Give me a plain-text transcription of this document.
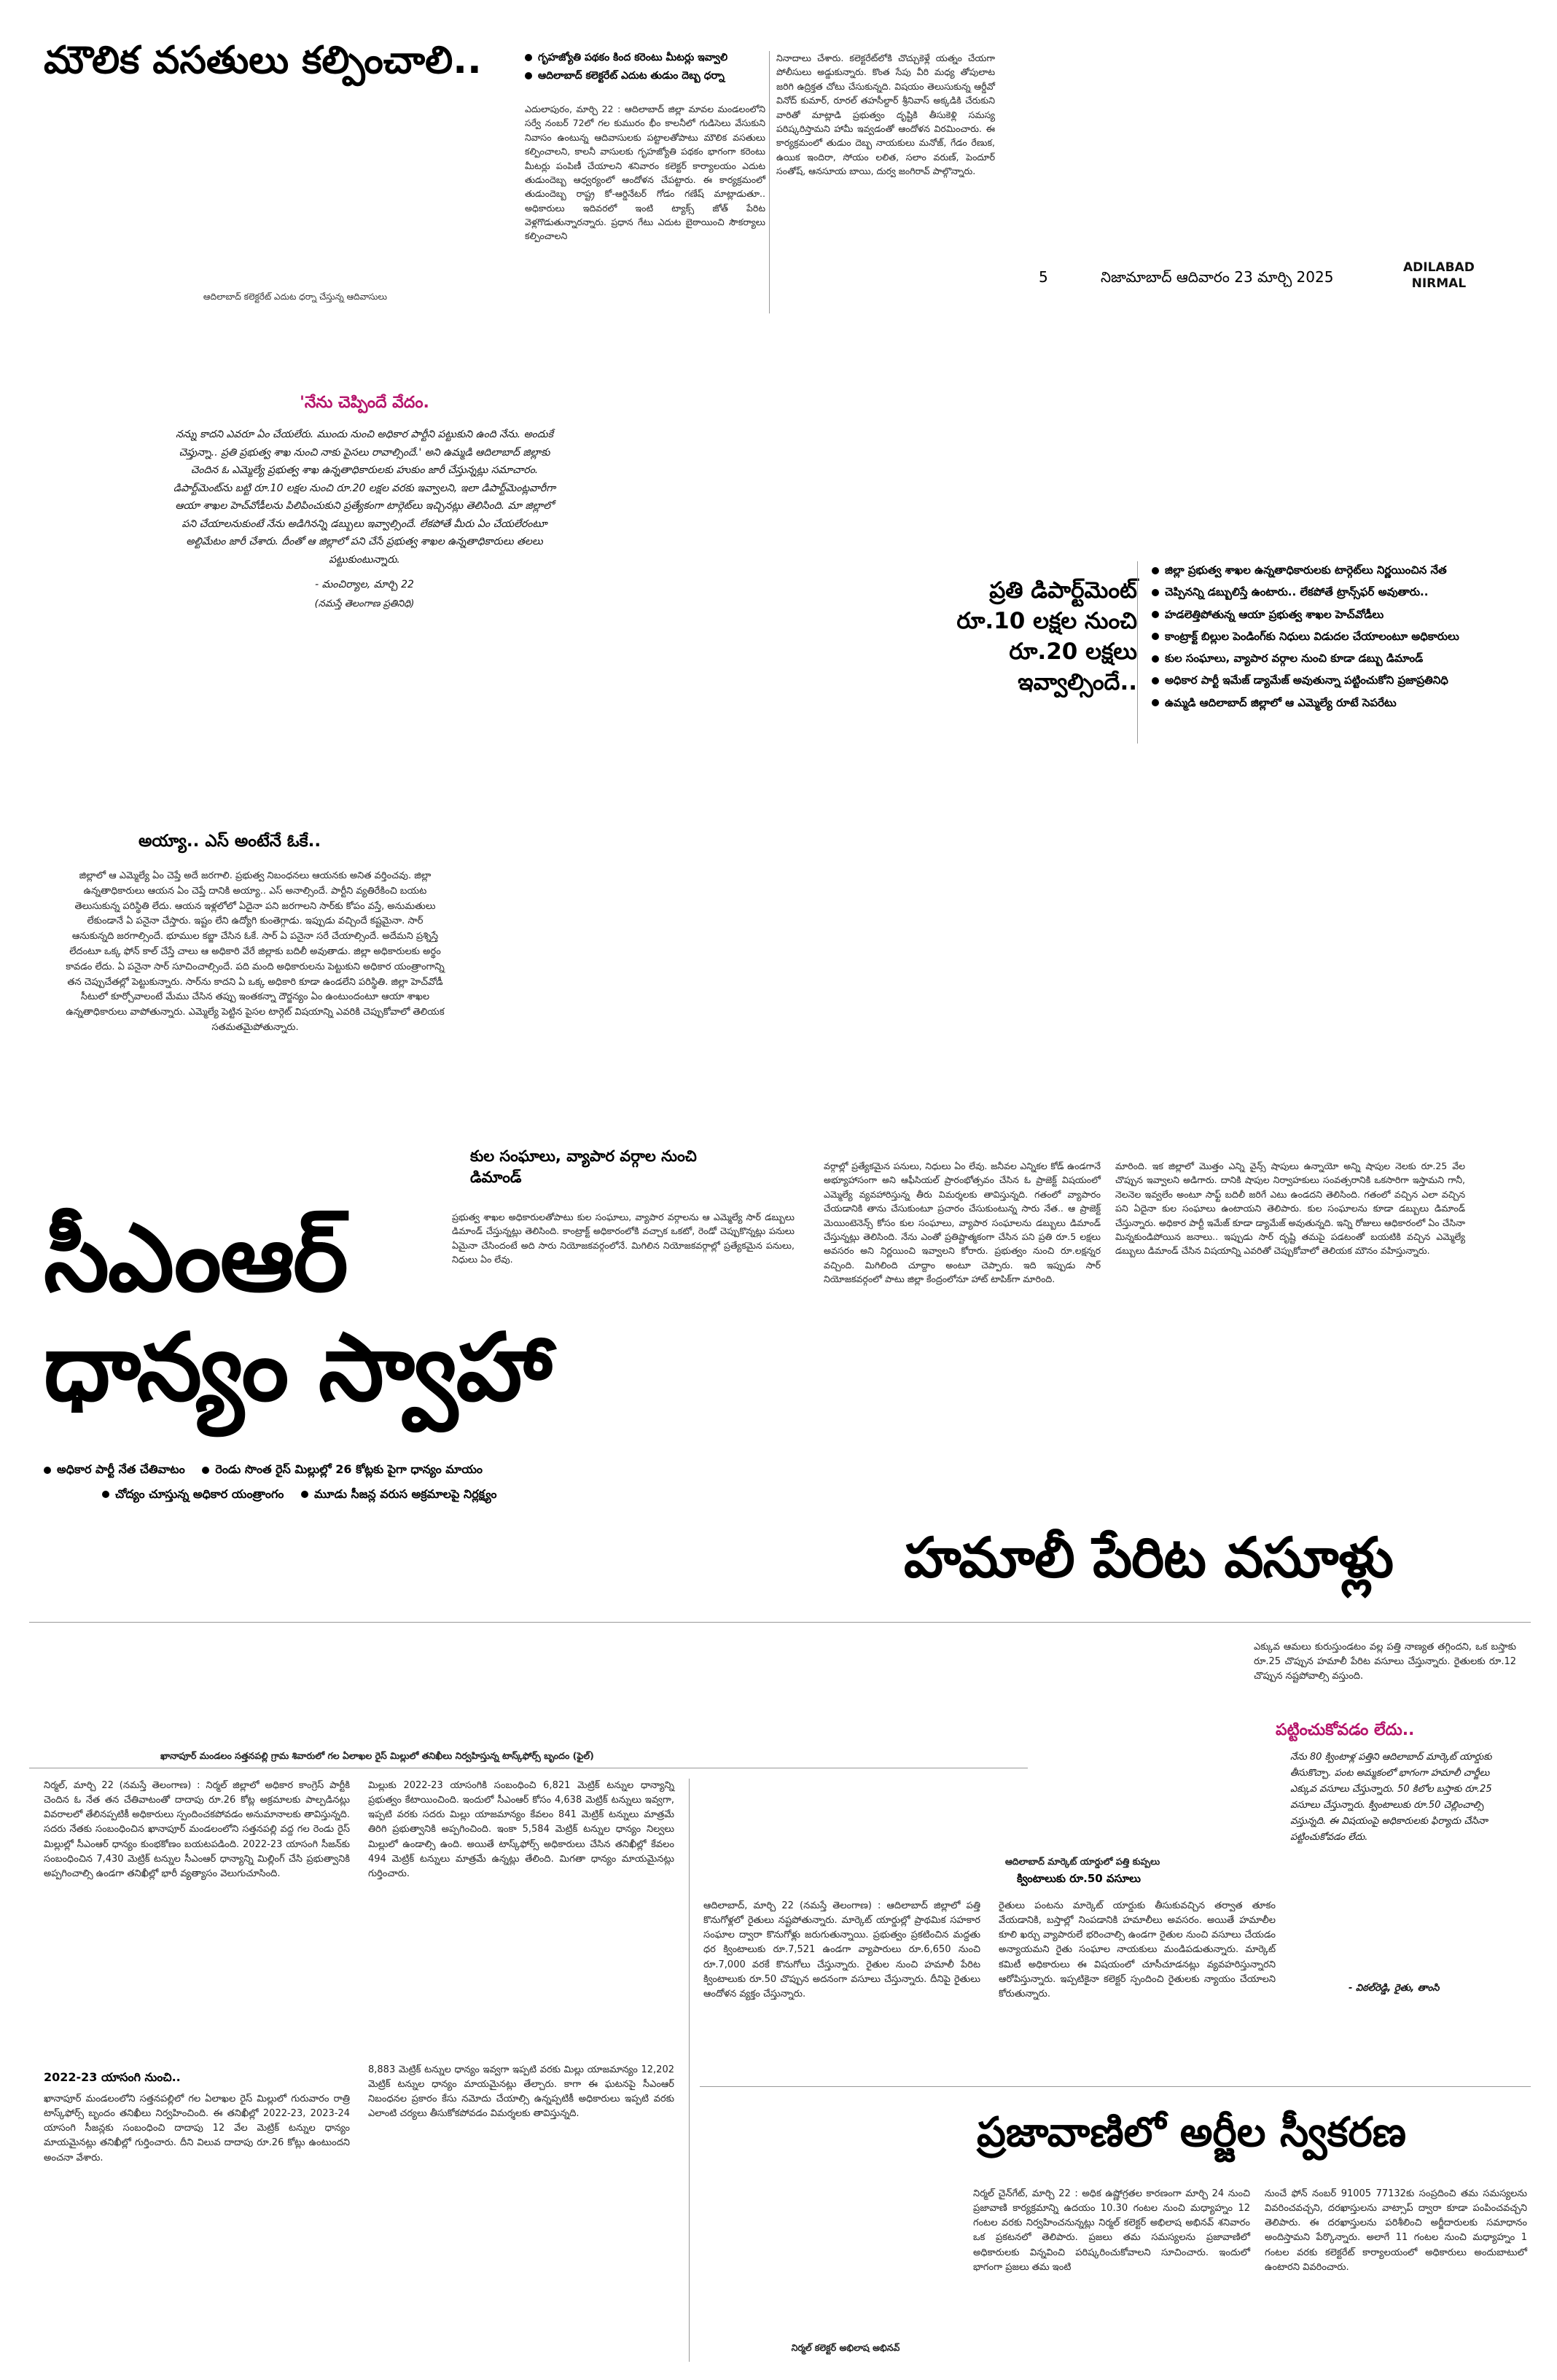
మౌలిక వసతులు కల్పించాలి..
ఆదిలాబాద్ కలెక్టరేట్ ఎదుట ధర్నా చేస్తున్న ఆదివాసులు
గృహజ్యోతి పథకం కింద కరెంటు మీటర్లు ఇవ్వాలి
ఆదిలాబాద్ కలెక్టరేట్ ఎదుట తుడుం దెబ్బ ధర్నా
ఎదులాపురం, మార్చి 22 : ఆదిలాబాద్ జిల్లా మావల మండలంలోని సర్వే నంబర్ 72లో గల కుమురం భీం కాలనీలో గుడిసెలు వేసుకుని నివాసం ఉంటున్న ఆదివాసులకు పట్టాలతోపాటు మౌలిక వసతులు కల్పించాలని, కాలనీ వాసులకు గృహజ్యోతి పథకం భాగంగా కరెంటు మీటర్లు పంపిణీ చేయాలని శనివారం కలెక్టర్ కార్యాలయం ఎదుట తుడుందెబ్బ ఆధ్వర్యంలో ఆందోళన చేపట్టారు. ఈ కార్యక్రమంలో తుడుందెబ్బ రాష్ట్ర కో-ఆర్డినేటర్ గోడం గణేష్ మాట్లాడుతూ.. అధికారులు ఇదివరలో ఇంటి ట్యాక్స్ జోత్ పేరిట వెళ్లగొడుతున్నారన్నారు. ప్రధాన గేటు ఎదుట బైఠాయించి సౌకర్యాలు కల్పించాలని
నినాదాలు చేశారు. కలెక్టరేట్‌లోకి చొచ్చుకెళ్లే యత్నం చేయగా పోలీసులు అడ్డుకున్నారు. కొంత సేపు వీరి మధ్య తోపులాట జరిగి ఉద్రిక్తత చోటు చేసుకున్నది. విషయం తెలుసుకున్న ఆర్డీవో వినోద్ కుమార్, రూరల్ తహసీల్దార్ శ్రీనివాస్ అక్కడికి చేరుకుని వారితో మాట్లాడి ప్రభుత్వం దృష్టికి తీసుకెళ్లి సమస్య పరిష్కరిస్తామని హామీ ఇవ్వడంతో ఆందోళన విరమించారు. ఈ కార్యక్రమంలో తుడుం దెబ్బ నాయకులు మనోజ్, గేడం రేణుక, ఉయిక ఇందిరా, సోయం లలిత, సలాం వరుణ్, పెందూర్ సంతోష్, ఆనసూయ బాయి, దుర్వ జంగిరావ్ పాల్గొన్నారు.
5	నిజామాబాద్ ఆదివారం 23 మార్చి 2025
ADILABAD
NIRMAL
'నేను చెప్పిందే వేదం.
నన్ను కాదని ఎవరూ ఏం చేయలేరు. ముందు నుంచి అధికార పార్టీని పట్టుకుని ఉంది నేను. అందుకే చెప్తున్నా.. ప్రతి ప్రభుత్వ శాఖ నుంచి నాకు పైసలు రావాల్సిందే.' అని ఉమ్మడి ఆదిలాబాద్ జిల్లాకు చెందిన ఓ ఎమ్మెల్యే ప్రభుత్వ శాఖ ఉన్నతాధికారులకు హుకుం జారీ చేస్తున్నట్లు సమాచారం. డిపార్ట్‌మెంట్‌ను బట్టి రూ.10 లక్షల నుంచి రూ.20 లక్షల వరకు ఇవ్వాలని, ఇలా డిపార్ట్‌మెంట్లవారీగా ఆయా శాఖల హెచ్‌వోడీలను పిలిపించుకుని ప్రత్యేకంగా టార్గెట్‌లు ఇచ్చినట్లు తెలిసింది. మా జిల్లాలో పని చేయాలనుకుంటే నేను అడిగినన్ని డబ్బులు ఇవ్వాల్సిందే. లేకపోతే మీరు ఏం చేయలేరంటూ అల్టిమేటం జారీ చేశారు. దీంతో ఆ జిల్లాలో పని చేసే ప్రభుత్వ శాఖల ఉన్నతాధికారులు తలలు పట్టుకుంటున్నారు.
- మంచిర్యాల, మార్చి 22
(నమస్తే తెలంగాణ ప్రతినిధి)
ప్రతి డిపార్ట్‌మెంట్ రూ.10 లక్షల నుంచి రూ.20 లక్షలు ఇవ్వాల్సిందే..
జిల్లా ప్రభుత్వ శాఖల ఉన్నతాధికారులకు టార్గెట్‌లు నిర్ణయించిన నేత
చెప్పినన్ని డబ్బులిస్తే ఉంటారు.. లేకపోతే ట్రాన్స్‌ఫర్ అవుతారు..
హడలెత్తిపోతున్న ఆయా ప్రభుత్వ శాఖల హెచ్‌వోడీలు
కాంట్రాక్ట్ బిల్లుల పెండింగ్‌కు నిధులు విడుదల చేయాలంటూ అధికారులు
కుల సంఘాలు, వ్యాపార వర్గాల నుంచి కూడా డబ్బు డిమాండ్
అధికార పార్టీ ఇమేజ్ డ్యామేజ్ అవుతున్నా పట్టించుకోని ప్రజాప్రతినిధి
ఉమ్మడి ఆదిలాబాద్ జిల్లాలో ఆ ఎమ్మెల్యే రూటే సెపరేటు
అయ్యా.. ఎస్ అంటేనే ఓకే..
జిల్లాలో ఆ ఎమ్మెల్యే ఏం చెప్తే అదే జరగాలి. ప్రభుత్వ నిబంధనలు ఆయనకు అనిత వర్తించవు. జిల్లా ఉన్నతాధికారులు ఆయన ఏం చెప్తే దానికి అయ్యా.. ఎస్ అనాల్సిందే. పార్టీని వ్యతిరేకించి బయట తెలుసుకున్న పరిస్థితి లేదు. ఆయన ఇళ్లలోలో ఏదైనా పని జరగాలని సార్‌కు కోపం వస్తే, అనుమతులు లేకుండానే ఏ పనైనా చేస్తారు. ఇష్టం లేని ఉద్యోగి కుంతెగ్గాడు. ఇప్పుడు వచ్చిందే కష్టమైనా. సార్ ఆనుకున్నది జరగాల్సిందే. భూముల కబ్జా చేసిన ఓకే. సార్ ఏ పనైనా సరే చేయాల్సిందే. అదేమని ప్రశ్నిస్తే లేదంటూ ఒక్క ఫోన్ కాల్ చేస్తే చాలు ఆ అధికారి వేరే జిల్లాకు బదిలీ అవుతాడు. జిల్లా అధికారులకు అర్థం కావడం లేదు. ఏ పనైనా సార్ సూచించాల్సిందే. పది మంది అధికారులను పెట్టుకుని అధికార యంత్రాంగాన్ని తన చెప్పుచేతల్లో పెట్టుకున్నారు. సార్‌ను కాదని ఏ ఒక్క అధికారి కూడా ఉండలేని పరిస్థితి. జిల్లా హెచ్‌వోడీ సీటులో కూర్చోవాలంటే మేము చేసిన తప్పు ఇంతకన్నా దౌర్జన్యం ఏం ఉంటుందంటూ ఆయా శాఖల ఉన్నతాధికారులు వాపోతున్నారు. ఎమ్మెల్యే పెట్టిన పైసల టార్గెట్ విషయాన్ని ఎవరికి చెప్పుకోవాలో తెలియక సతమతమైపోతున్నారు.
కుల సంఘాలు, వ్యాపార వర్గాల నుంచి డిమాండ్
ప్రభుత్వ శాఖల అధికారులతోపాటు కుల సంఘాలు, వ్యాపార వర్గాలను ఆ ఎమ్మెల్యే సార్ డబ్బులు డిమాండ్ చేస్తున్నట్లు తెలిసింది. కాంట్రాక్ట్ అధికారంలోకి వచ్చాక ఒకటో, రెండో చెప్పుకొన్నట్లు పనులు ఏమైనా చేసిందంటే అది సారు నియోజకవర్గంలోనే. మిగిలిన నియోజకవర్గాల్లో ప్రత్యేకమైన పనులు, నిధులు ఏం లేవు.
వర్గాల్లో ప్రత్యేకమైన పనులు, నిధులు ఏం లేవు. జనీవల ఎన్నికల కోడ్ ఉండగానే అభ్యూహాసంగా అని ఆఫీసియల్ ప్రారంభోత్సవం చేసిన ఓ ప్రాజెక్ట్ విషయంలో ఎమ్మెల్యే వ్యవహారిస్తున్న తీరు విమర్శలకు తావిస్తున్నది. గతంలో వ్యాపారం చేయడానికి తాను చేసుకుంటూ ప్రచారం చేసుకుంటున్న సారు నేత.. ఆ ప్రాజెక్ట్ మెయింటెనెన్స్ కోసం కుల సంఘాలు, వ్యాపార సంఘాలను డబ్బులు డిమాండ్ చేస్తున్నట్లు తెలిసింది. నేను ఎంతో ప్రతిష్టాత్మకంగా చేసిన పని ప్రతి రూ.5 లక్షలు అవసరం అని నిర్ణయించి ఇవ్వాలని కోరారు. ప్రభుత్వం నుంచి రూ.లక్షన్నర వచ్చింది. మిగిలింది చూద్దాం అంటూ చెప్పారు. ఇది ఇప్పుడు సార్ నియోజకవర్గంలో పాటు జిల్లా కేంద్రంలోనూ హాట్ టాపిక్‌గా మారింది.
మారింది. ఇక జిల్లాలో మొత్తం ఎన్ని వైన్స్ షాపులు ఉన్నాయో అన్ని షాపుల నెలకు రూ.25 వేల చొప్పున ఇవ్వాలని అడిగారు. దానికి షాపుల నిర్వాహకులు సంవత్సరానికి ఒకసారిగా ఇస్తామని గానీ, నెలనెల ఇవ్వలేం అంటూ సాఫ్ట్ బదిలీ జరిగే ఎటు ఉండదని తెలిసింది. గతంలో వచ్చిన ఎలా వచ్చిన పని ఏదైనా కుల సంఘాలు ఉంటాయని తెలిపారు. కుల సంఘాలను కూడా డబ్బులు డిమాండ్ చేస్తున్నారు. అధికార పార్టీ ఇమేజ్ కూడా డ్యామేజ్ అవుతున్నది. ఇన్ని రోజులు ఆధికారంలో ఏం చేసినా మిన్నకుండిపోయిన జనాలు.. ఇప్పుడు సార్ దృష్టి తమపై పడటంతో బయటికి వచ్చిన ఎమ్మెల్యే డబ్బులు డిమాండ్ చేసిన విషయాన్ని ఎవరితో చెప్పుకోవాలో తెలియక మౌనం వహిస్తున్నారు.
సీఎంఆర్
ధాన్యం స్వాహా
అధికార పార్టీ నేత చేతివాటం	రెండు సొంత రైస్ మిల్లుల్లో 26 కోట్లకు పైగా ధాన్యం మాయం
చోద్యం చూస్తున్న అధికార యంత్రాంగం	మూడు సీజన్ల వరుస అక్రమాలపై నిర్లక్ష్యం
హమాలీ పేరిట వసూళ్లు
ఖానాపూర్ మండలం సత్తనపల్లి గ్రామ శివారులో గల ఏలాఖల రైస్ మిల్లులో తనిఖీలు నిర్వహిస్తున్న టాస్క్‌ఫోర్స్ బృందం (ఫైల్)
నిర్మల్, మార్చి 22 (నమస్తే తెలంగాణ) : నిర్మల్ జిల్లాలో అధికార కాంగ్రెస్ పార్టీకి చెందిన ఓ నేత తన చేతివాటంతో దాదాపు రూ.26 కోట్ల అక్రమాలకు పాల్పడినట్లు వివరాలలో తేలినప్పటికీ అధికారులు స్పందించకపోవడం అనుమానాలకు తావిస్తున్నది. సదరు నేతకు సంబంధించిన ఖానాపూర్ మండలంలోని సత్తనపల్లి వద్ద గల రెండు రైస్ మిల్లుల్లో సీఎంఆర్ ధాన్యం కుంభకోణం బయటపడింది. 2022-23 యాసంగి సీజన్‌కు సంబంధించిన 7,430 మెట్రిక్ టన్నుల సీఎంఆర్ ధాన్యాన్ని మిల్లింగ్ చేసి ప్రభుత్వానికి అప్పగించాల్సి ఉండగా తనిఖీల్లో భారీ వ్యత్యాసం వెలుగుచూసింది.
2022-23 యాసంగి నుంచి..
ఖానాపూర్ మండలంలోని సత్తనపల్లిలో గల ఏలాఖల రైస్ మిల్లులో గురువారం రాత్రి టాస్క్‌ఫోర్స్ బృందం తనిఖీలు నిర్వహించింది. ఈ తనిఖీల్లో 2022-23, 2023-24 యాసంగి సీజన్లకు సంబంధించి దాదాపు 12 వేల మెట్రిక్ టన్నుల ధాన్యం మాయమైనట్లు తనిఖీల్లో గుర్తించారు. దీని విలువ దాదాపు రూ.26 కోట్లు ఉంటుందని అంచనా వేశారు.
మిల్లుకు 2022-23 యాసంగికి సంబంధించి 6,821 మెట్రిక్ టన్నుల ధాన్యాన్ని ప్రభుత్వం కేటాయించింది. ఇందులో సీఎంఆర్ కోసం 4,638 మెట్రిక్ టన్నులు ఇవ్వగా, ఇప్పటి వరకు సదరు మిల్లు యాజమాన్యం కేవలం 841 మెట్రిక్ టన్నులు మాత్రమే తిరిగి ప్రభుత్వానికి అప్పగించింది. ఇంకా 5,584 మెట్రిక్ టన్నుల ధాన్యం నిల్వలు మిల్లులో ఉండాల్సి ఉంది. అయితే టాస్క్‌ఫోర్స్ అధికారులు చేసిన తనిఖీల్లో కేవలం 494 మెట్రిక్ టన్నులు మాత్రమే ఉన్నట్లు తేలింది. మిగతా ధాన్యం మాయమైనట్లు గుర్తించారు.
8,883 మెట్రిక్ టన్నుల ధాన్యం ఇవ్వగా ఇప్పటి వరకు మిల్లు యాజమాన్యం 12,202 మెట్రిక్ టన్నుల ధాన్యం మాయమైనట్లు తేల్చారు. కాగా ఈ ఘటనపై సీఎంఆర్ నిబంధనల ప్రకారం కేసు నమోదు చేయాల్సి ఉన్నప్పటికీ అధికారులు ఇప్పటి వరకు ఎలాంటి చర్యలు తీసుకోకపోవడం విమర్శలకు తావిస్తున్నది.
ఆదిలాబాద్ మార్కెట్ యార్డులో పత్తి కుప్పలు
క్వింటాలుకు రూ.50 వసూలు
ఆదిలాబాద్, మార్చి 22 (నమస్తే తెలంగాణ) : ఆదిలాబాద్ జిల్లాలో పత్తి కొనుగోళ్లలో రైతులు నష్టపోతున్నారు. మార్కెట్ యార్డుల్లో ప్రాథమిక సహకార సంఘాల ద్వారా కొనుగోళ్లు జరుగుతున్నాయి. ప్రభుత్వం ప్రకటించిన మద్దతు ధర క్వింటాలుకు రూ.7,521 ఉండగా వ్యాపారులు రూ.6,650 నుంచి రూ.7,000 వరకే కొనుగోలు చేస్తున్నారు. రైతుల నుంచి హమాలీ పేరిట క్వింటాలుకు రూ.50 చొప్పున అదనంగా వసూలు చేస్తున్నారు. దీనిపై రైతులు ఆందోళన వ్యక్తం చేస్తున్నారు.
రైతులు పంటను మార్కెట్ యార్డుకు తీసుకువచ్చిన తర్వాత తూకం వేయడానికి, బస్తాల్లో నింపడానికి హమాలీలు అవసరం. అయితే హమాలీల కూలి ఖర్చు వ్యాపారులే భరించాల్సి ఉండగా రైతుల నుంచి వసూలు చేయడం అన్యాయమని రైతు సంఘాల నాయకులు మండిపడుతున్నారు. మార్కెట్ కమిటీ అధికారులు ఈ విషయంలో చూసీచూడనట్లు వ్యవహరిస్తున్నారని ఆరోపిస్తున్నారు. ఇప్పటికైనా కలెక్టర్ స్పందించి రైతులకు న్యాయం చేయాలని కోరుతున్నారు.
ఎక్కువ ఆమలు కురుస్తుండటం వల్ల పత్తి నాణ్యత తగ్గిందని, ఒక బస్తాకు రూ.25 చొప్పున హమాలీ పేరిట వసూలు చేస్తున్నారు. రైతులకు రూ.12 చొప్పున నష్టపోవాల్సి వస్తుంది.
పట్టించుకోవడం లేదు..
నేను 80 క్వింటాళ్ల పత్తిని ఆదిలాబాద్ మార్కెట్ యార్డుకు తీసుకొచ్చా. పంట అమ్మకంలో భాగంగా హమాలీ చార్జీలు ఎక్కువ వసూలు చేస్తున్నారు. 50 కిలోల బస్తాకు రూ.25 వసూలు చేస్తున్నారు. క్వింటాలుకు రూ.50 చెల్లించాల్సి వస్తున్నది. ఈ విషయంపై అధికారులకు ఫిర్యాదు చేసినా పట్టించుకోవడం లేదు.
- విఠల్‌రెడ్డి, రైతు, తాంసి
ప్రజావాణిలో అర్జీల స్వీకరణ
నిర్మల్ చైన్‌గేట్, మార్చి 22 : అధిక ఉష్ణోగ్రతల కారణంగా మార్చి 24 నుంచి ప్రజావాణి కార్యక్రమాన్ని ఉదయం 10.30 గంటల నుంచి మధ్యాహ్నం 12 గంటల వరకు నిర్వహించనున్నట్లు నిర్మల్ కలెక్టర్ అభిలాష అభినవ్ శనివారం ఒక ప్రకటనలో తెలిపారు. ప్రజలు తమ సమస్యలను ప్రజావాణిలో అధికారులకు విన్నవించి పరిష్కరించుకోవాలని సూచించారు. ఇందులో భాగంగా ప్రజలు తమ ఇంటి
నుంచే ఫోన్ నంబర్ 91005 77132కు సంప్రదించి తమ సమస్యలను వివరించవచ్చని, దరఖాస్తులను వాట్సాప్ ద్వారా కూడా పంపించవచ్చని తెలిపారు. ఈ దరఖాస్తులను పరిశీలించి అర్జీదారులకు సమాధానం అందిస్తామని పేర్కొన్నారు. అలాగే 11 గంటల నుంచి మధ్యాహ్నం 1 గంటల వరకు కలెక్టరేట్ కార్యాలయంలో అధికారులు అందుబాటులో ఉంటారని వివరించారు.
నిర్మల్ కలెక్టర్ అభిలాష అభినవ్
